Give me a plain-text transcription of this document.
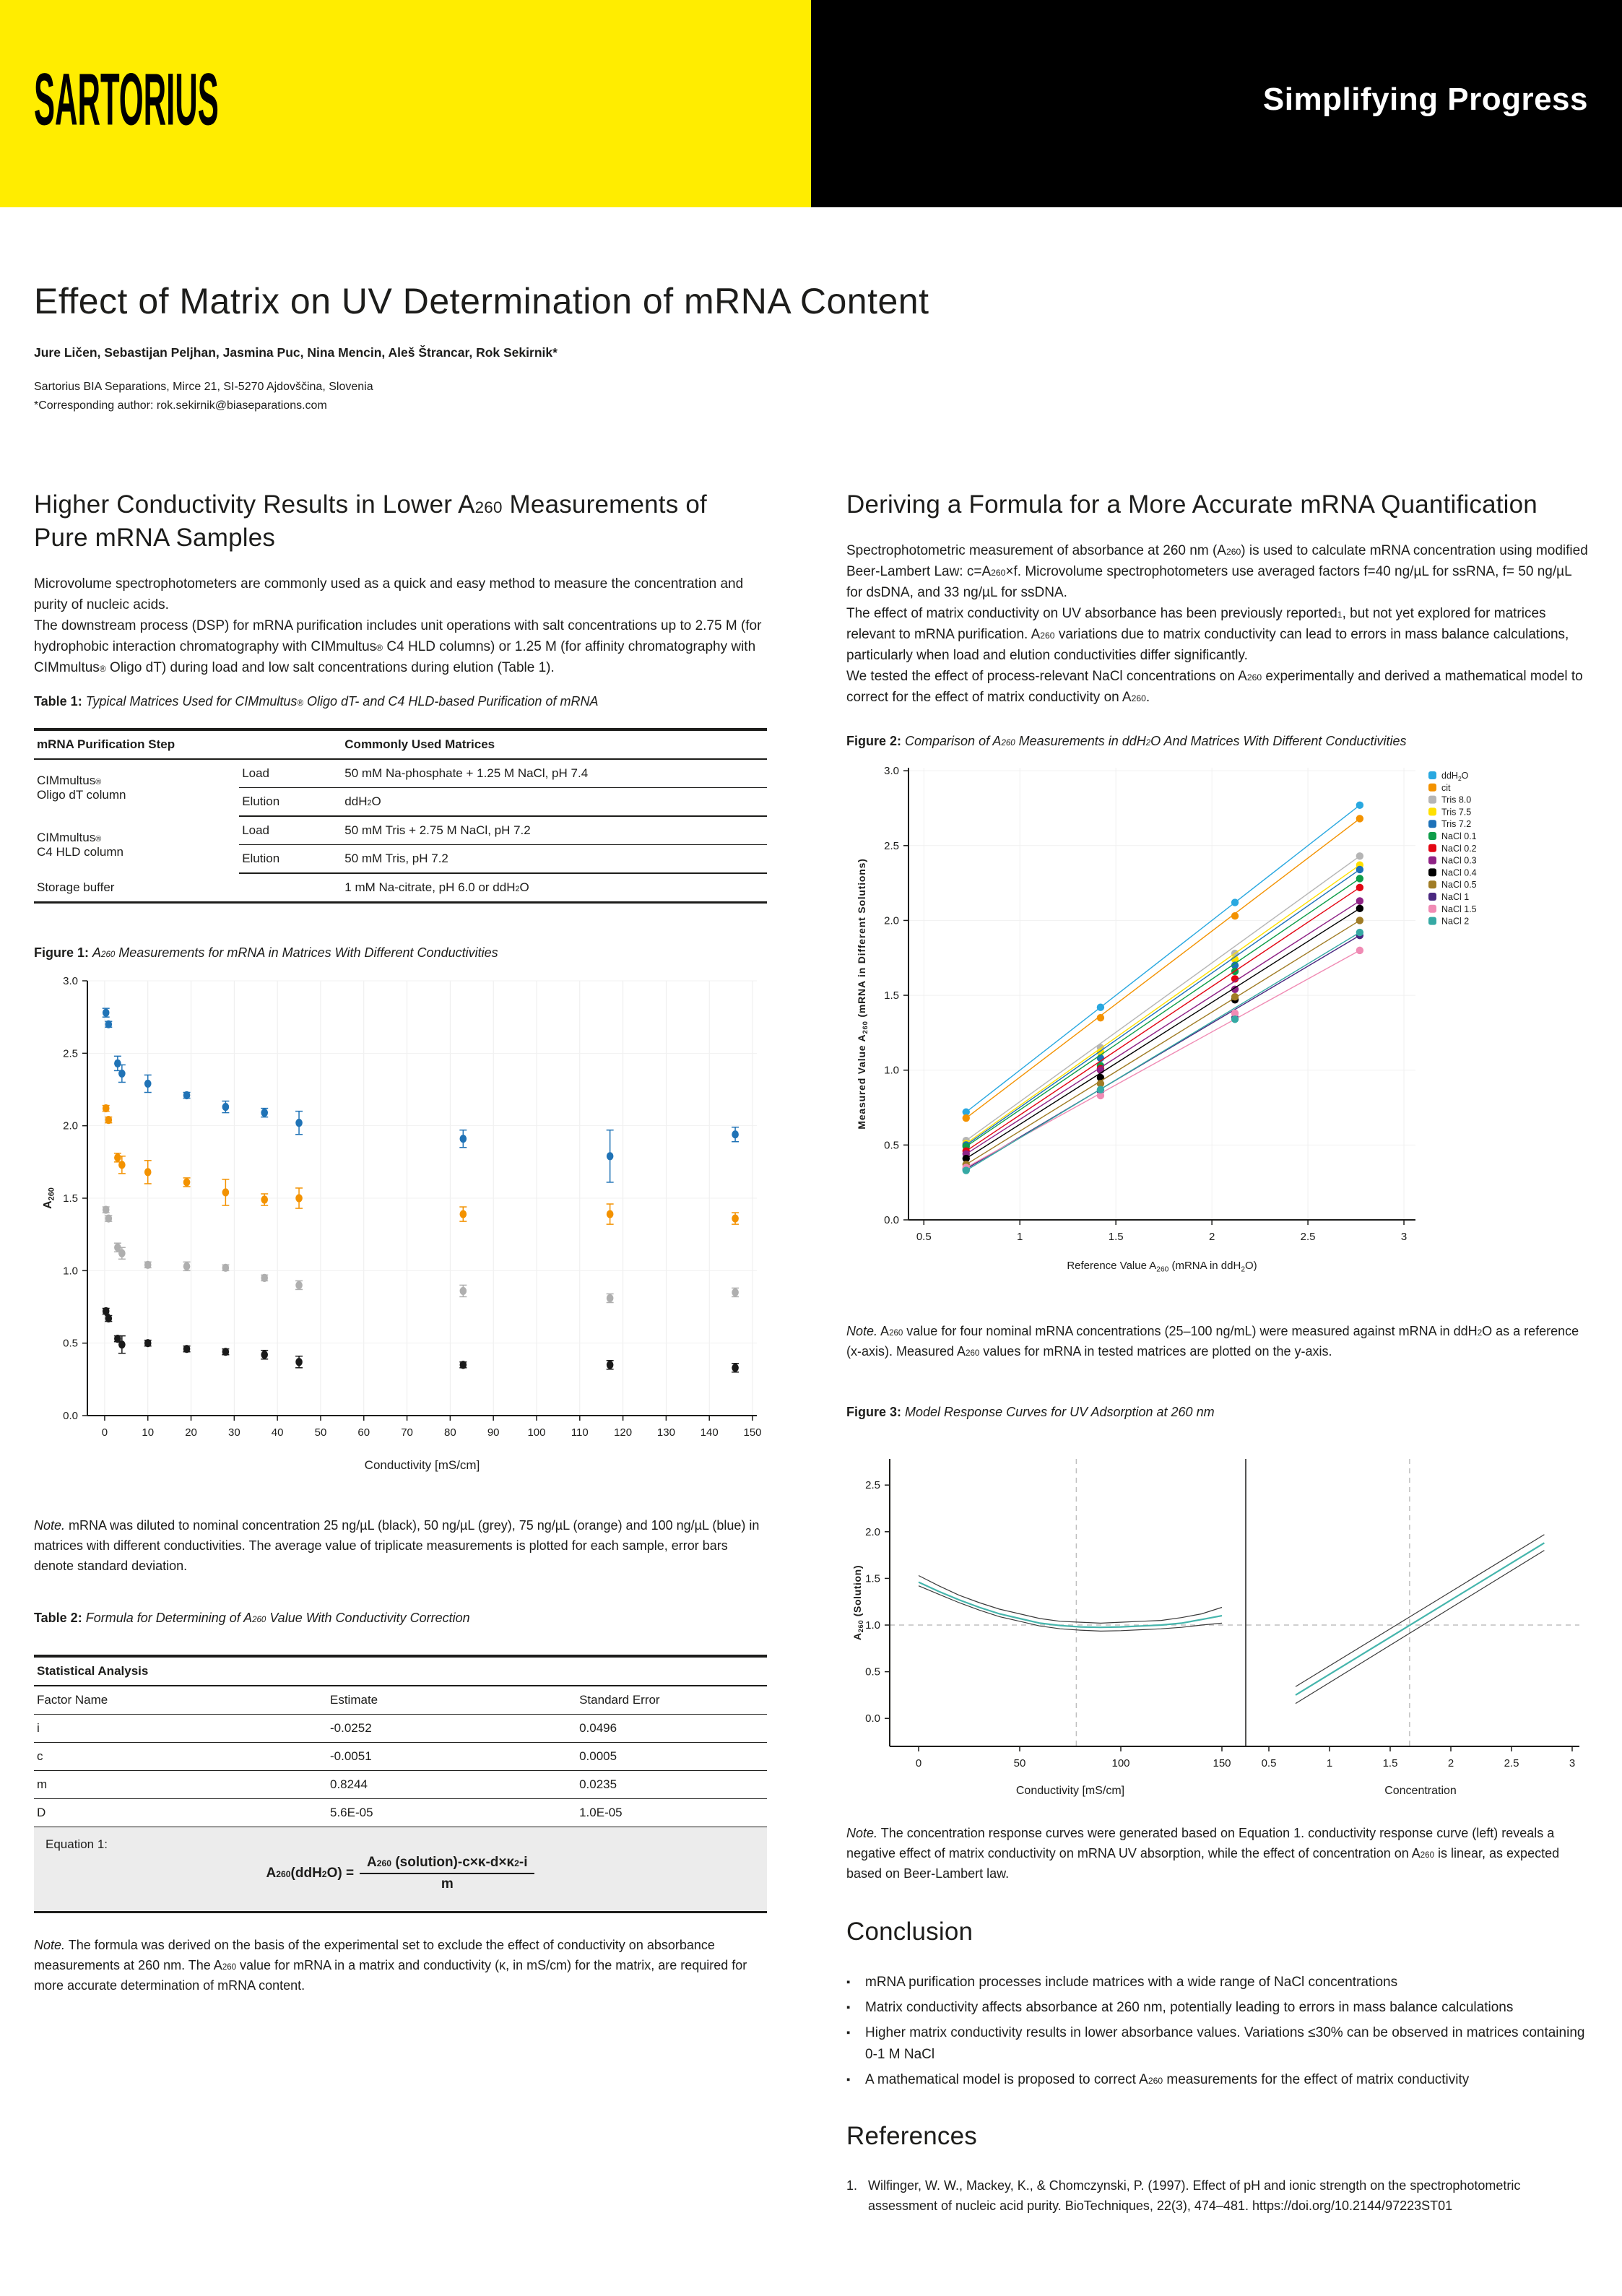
SARTORIUS	Simplifying Progress
Effect of Matrix on UV Determination of mRNA Content
Jure Ličen, Sebastijan Peljhan, Jasmina Puc, Nina Mencin, Aleš Štrancar, Rok Sekirnik*
Sartorius BIA Separations, Mirce 21, SI-5270 Ajdovščina, Slovenia
*Corresponding author: rok.sekirnik@biaseparations.com
Higher Conductivity Results in Lower $A_{260}$ Measurements of Pure mRNA Samples

Microvolume spectrophotometers are commonly used as a quick and easy method to measure the concentration and purity of nucleic acids.

The downstream process (DSP) for mRNA purification includes unit operations with salt concentrations up to 2.75 M (for hydrophobic interaction chromatography with CIMmultus® C4 HLD columns) or 1.25 M (for affinity chromatography with CIMmultus® Oligo dT) during load and low salt concentrations during elution (Table 1).

Table 1: Typical Matrices Used for CIMmultus® Oligo dT- and C4 HLD-based Purification of mRNA

mRNA Purification Step		Commonly Used Matrices
CIMmultus®
Oligo dT column	Load	50 mM Na-phosphate + 1.25 M NaCl, pH 7.4
	Elution	ddH$_2$O
CIMmultus®
C4 HLD column	Load	50 mM Tris + 2.75 M NaCl, pH 7.2
	Elution	50 mM Tris, pH 7.2
Storage buffer		1 mM Na-citrate, pH 6.0 or ddH$_2$O

Figure 1: $A_{260}$ Measurements for mRNA in Matrices With Different Conductivities

0	10	20	30	40	50	60	70	80	90	100 110 120 130 140 150
0.0
0.5
1.0
1.5
2.0
2.5
3.0
$A_{260}$
Conductivity [mS/cm]

Note. mRNA was diluted to nominal concentration 25 ng/µL (black), 50 ng/µL (grey), 75 ng/µL (orange) and 100 ng/µL (blue) in matrices with different conductivities. The average value of triplicate measurements is plotted for each sample, error bars denote standard deviation.

Table 2: Formula for Determining of $A_{260}$ Value With Conductivity Correction

Statistical Analysis		
Factor Name	Estimate	Standard Error
i	-0.0252	0.0496
c	-0.0051	0.0005
m	0.8244	0.0235
D	5.6E-05	1.0E-05

Equation 1:
$A_{260}(ddH_2O) = \frac{A_{260} (solution)-c\times\kappa-d\times\kappa^2-i}{m}$

Note. The formula was derived on the basis of the experimental set to exclude the effect of conductivity on absorbance measurements at 260 nm. The $A_{260}$ value for mRNA in a matrix and conductivity (κ, in mS/cm) for the matrix, are required for more accurate determination of mRNA content.

Deriving a Formula for a More Accurate mRNA Quantification

Spectrophotometric measurement of absorbance at 260 nm $(A_{260})$ is used to calculate mRNA concentration using modified Beer-Lambert Law: $c=A_{260}\times f$. Microvolume spectrophotometers use averaged factors f=40 ng/µL for ssRNA, f= 50 ng/µL for dsDNA, and 33 ng/µL for ssDNA.

The effect of matrix conductivity on UV absorbance has been previously reported$^1$, but not yet explored for matrices relevant to mRNA purification. $A_{260}$ variations due to matrix conductivity can lead to errors in mass balance calculations, particularly when load and elution conductivities differ significantly.

We tested the effect of process-relevant NaCl concentrations on $A_{260}$ experimentally and derived a mathematical model to correct for the effect of matrix conductivity on $A_{260}$.

Figure 2: Comparison of $A_{260}$ Measurements in ddH$_2$O And Matrices With Different Conductivities

0.5	1	1.5	2	2.5	3
0.0
0.5
1.0
1.5
2.0
2.5
3.0
Measured Value $A_{260}$ (mRNA in Different Solutions)
Reference Value $A_{260}$ (mRNA in ddH$_2$O)
ddH$_2$O
cit
Tris 8.0
Tris 7.5
Tris 7.2
NaCl 0.1
NaCl 0.2
NaCl 0.3
NaCl 0.4
NaCl 0.5
NaCl 1
NaCl 1.5
NaCl 2

Note. $A_{260}$ value for four nominal mRNA concentrations (25–100 ng/mL) were measured against mRNA in ddH$_2$O as a reference (x-axis). Measured $A_{260}$ values for mRNA in tested matrices are plotted on the y-axis.

Figure 3: Model Response Curves for UV Adsorption at 260 nm

0.0
0.5
1.0
1.5
2.0
2.5
$A_{260}$ (Solution)
0	50	100	150	0.5	1	1.5	2	2.5	3
Conductivity [mS/cm]	Concentration

Note. The concentration response curves were generated based on Equation 1. conductivity response curve (left) reveals a negative effect of matrix conductivity on mRNA UV absorption, while the effect of concentration on $A_{260}$ is linear, as expected based on Beer-Lambert law.

Conclusion
▪	mRNA purification processes include matrices with a wide range of NaCl concentrations
▪	Matrix conductivity affects absorbance at 260 nm, potentially leading to errors in mass balance calculations
▪	Higher matrix conductivity results in lower absorbance values. Variations ≤30% can be observed in matrices containing 0-1 M NaCl
▪	A mathematical model is proposed to correct $A_{260}$ measurements for the effect of matrix conductivity
References
1. Wilfinger, W. W., Mackey, K., & Chomczynski, P. (1997). Effect of pH and ionic strength on the spectrophotometric assessment of nucleic acid purity. BioTechniques, 22(3), 474–481. https://doi.org/10.2144/97223ST01
